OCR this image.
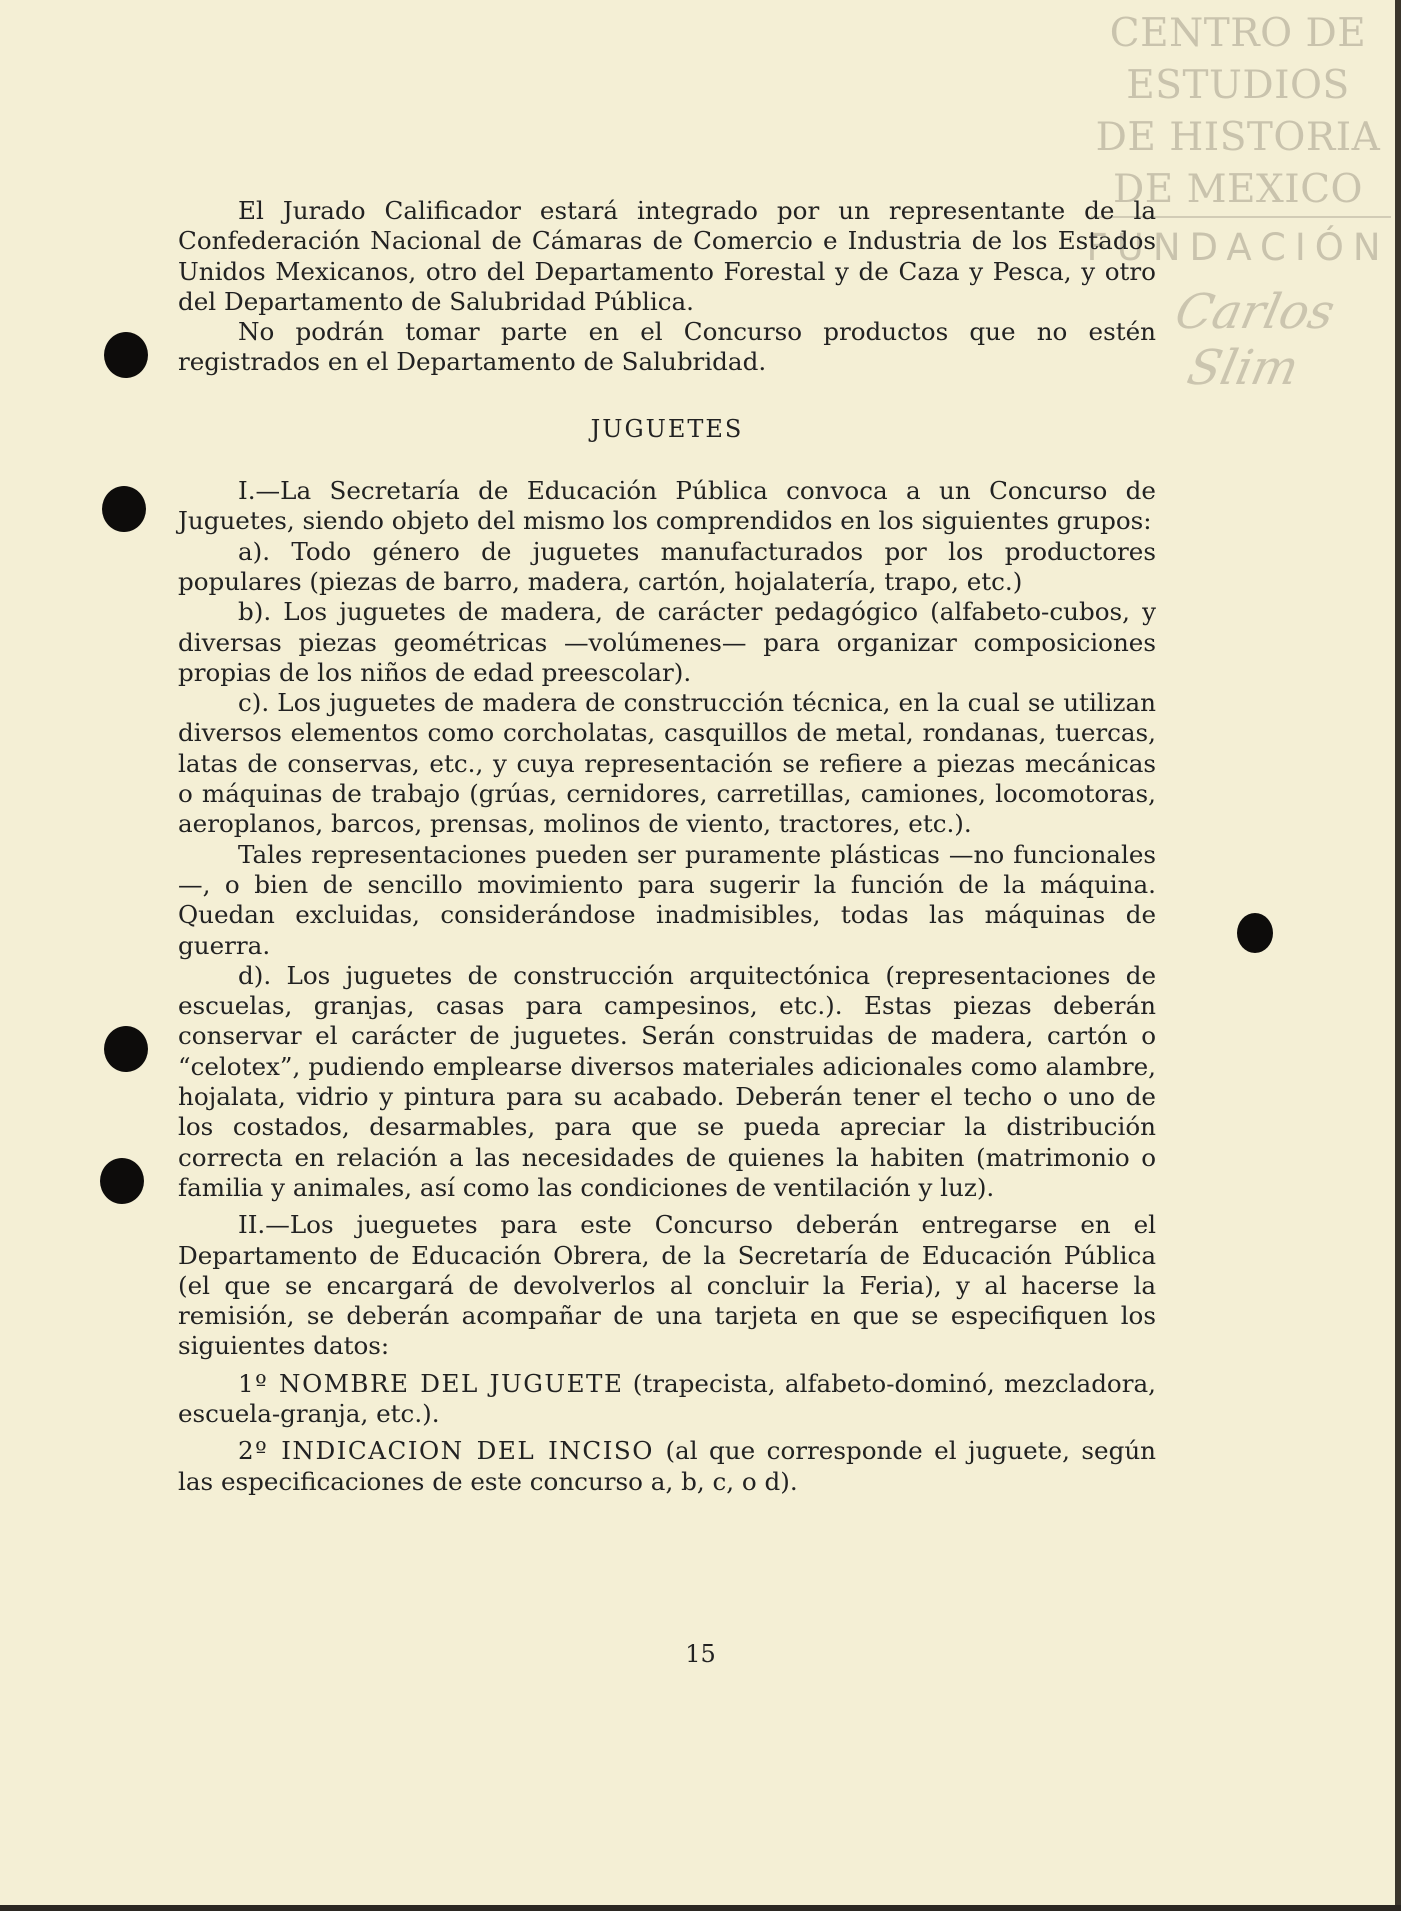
CENTRO DE
ESTUDIOS
DE HISTORIA
DE MEXICO
FUNDACIÓN
Carlos Slim

El Jurado Calificador estará integrado por un representante de la Confederación Nacional de Cámaras de Comercio e Industria de los Estados Unidos Mexicanos, otro del Departamento Forestal y de Caza y Pesca, y otro del Departamento de Salubridad Pública.

No podrán tomar parte en el Concurso productos que no estén registrados en el Departamento de Salubridad.

JUGUETES

I.—La Secretaría de Educación Pública convoca a un Concurso de Juguetes, siendo objeto del mismo los comprendidos en los siguientes grupos:

a). Todo género de juguetes manufacturados por los productores populares (piezas de barro, madera, cartón, hojalatería, trapo, etc.)

b). Los juguetes de madera, de carácter pedagógico (alfabeto-cubos, y diversas piezas geométricas —volúmenes— para organizar composiciones propias de los niños de edad preescolar).

c). Los juguetes de madera de construcción técnica, en la cual se utilizan diversos elementos como corcholatas, casquillos de metal, rondanas, tuercas, latas de conservas, etc., y cuya representación se refiere a piezas mecánicas o máquinas de trabajo (grúas, cernidores, carretillas, camiones, locomotoras, aeroplanos, barcos, prensas, molinos de viento, tractores, etc.).

Tales representaciones pueden ser puramente plásticas —no funcionales—, o bien de sencillo movimiento para sugerir la función de la máquina. Quedan excluidas, considerándose inadmisibles, todas las máquinas de guerra.

d). Los juguetes de construcción arquitectónica (representaciones de escuelas, granjas, casas para campesinos, etc.). Estas piezas deberán conservar el carácter de juguetes. Serán construidas de madera, cartón o “celotex”, pudiendo emplearse diversos materiales adicionales como alambre, hojalata, vidrio y pintura para su acabado. Deberán tener el techo o uno de los costados, desarmables, para que se pueda apreciar la distribución correcta en relación a las necesidades de quienes la habiten (matrimonio o familia y animales, así como las condiciones de ventilación y luz).

II.—Los jueguetes para este Concurso deberán entregarse en el Departamento de Educación Obrera, de la Secretaría de Educación Pública (el que se encargará de devolverlos al concluir la Feria), y al hacerse la remisión, se deberán acompañar de una tarjeta en que se especifiquen los siguientes datos:

1º NOMBRE DEL JUGUETE (trapecista, alfabeto-dominó, mezcladora, escuela-granja, etc.).

2º INDICACION DEL INCISO (al que corresponde el juguete, según las especificaciones de este concurso a, b, c, o d).

15
